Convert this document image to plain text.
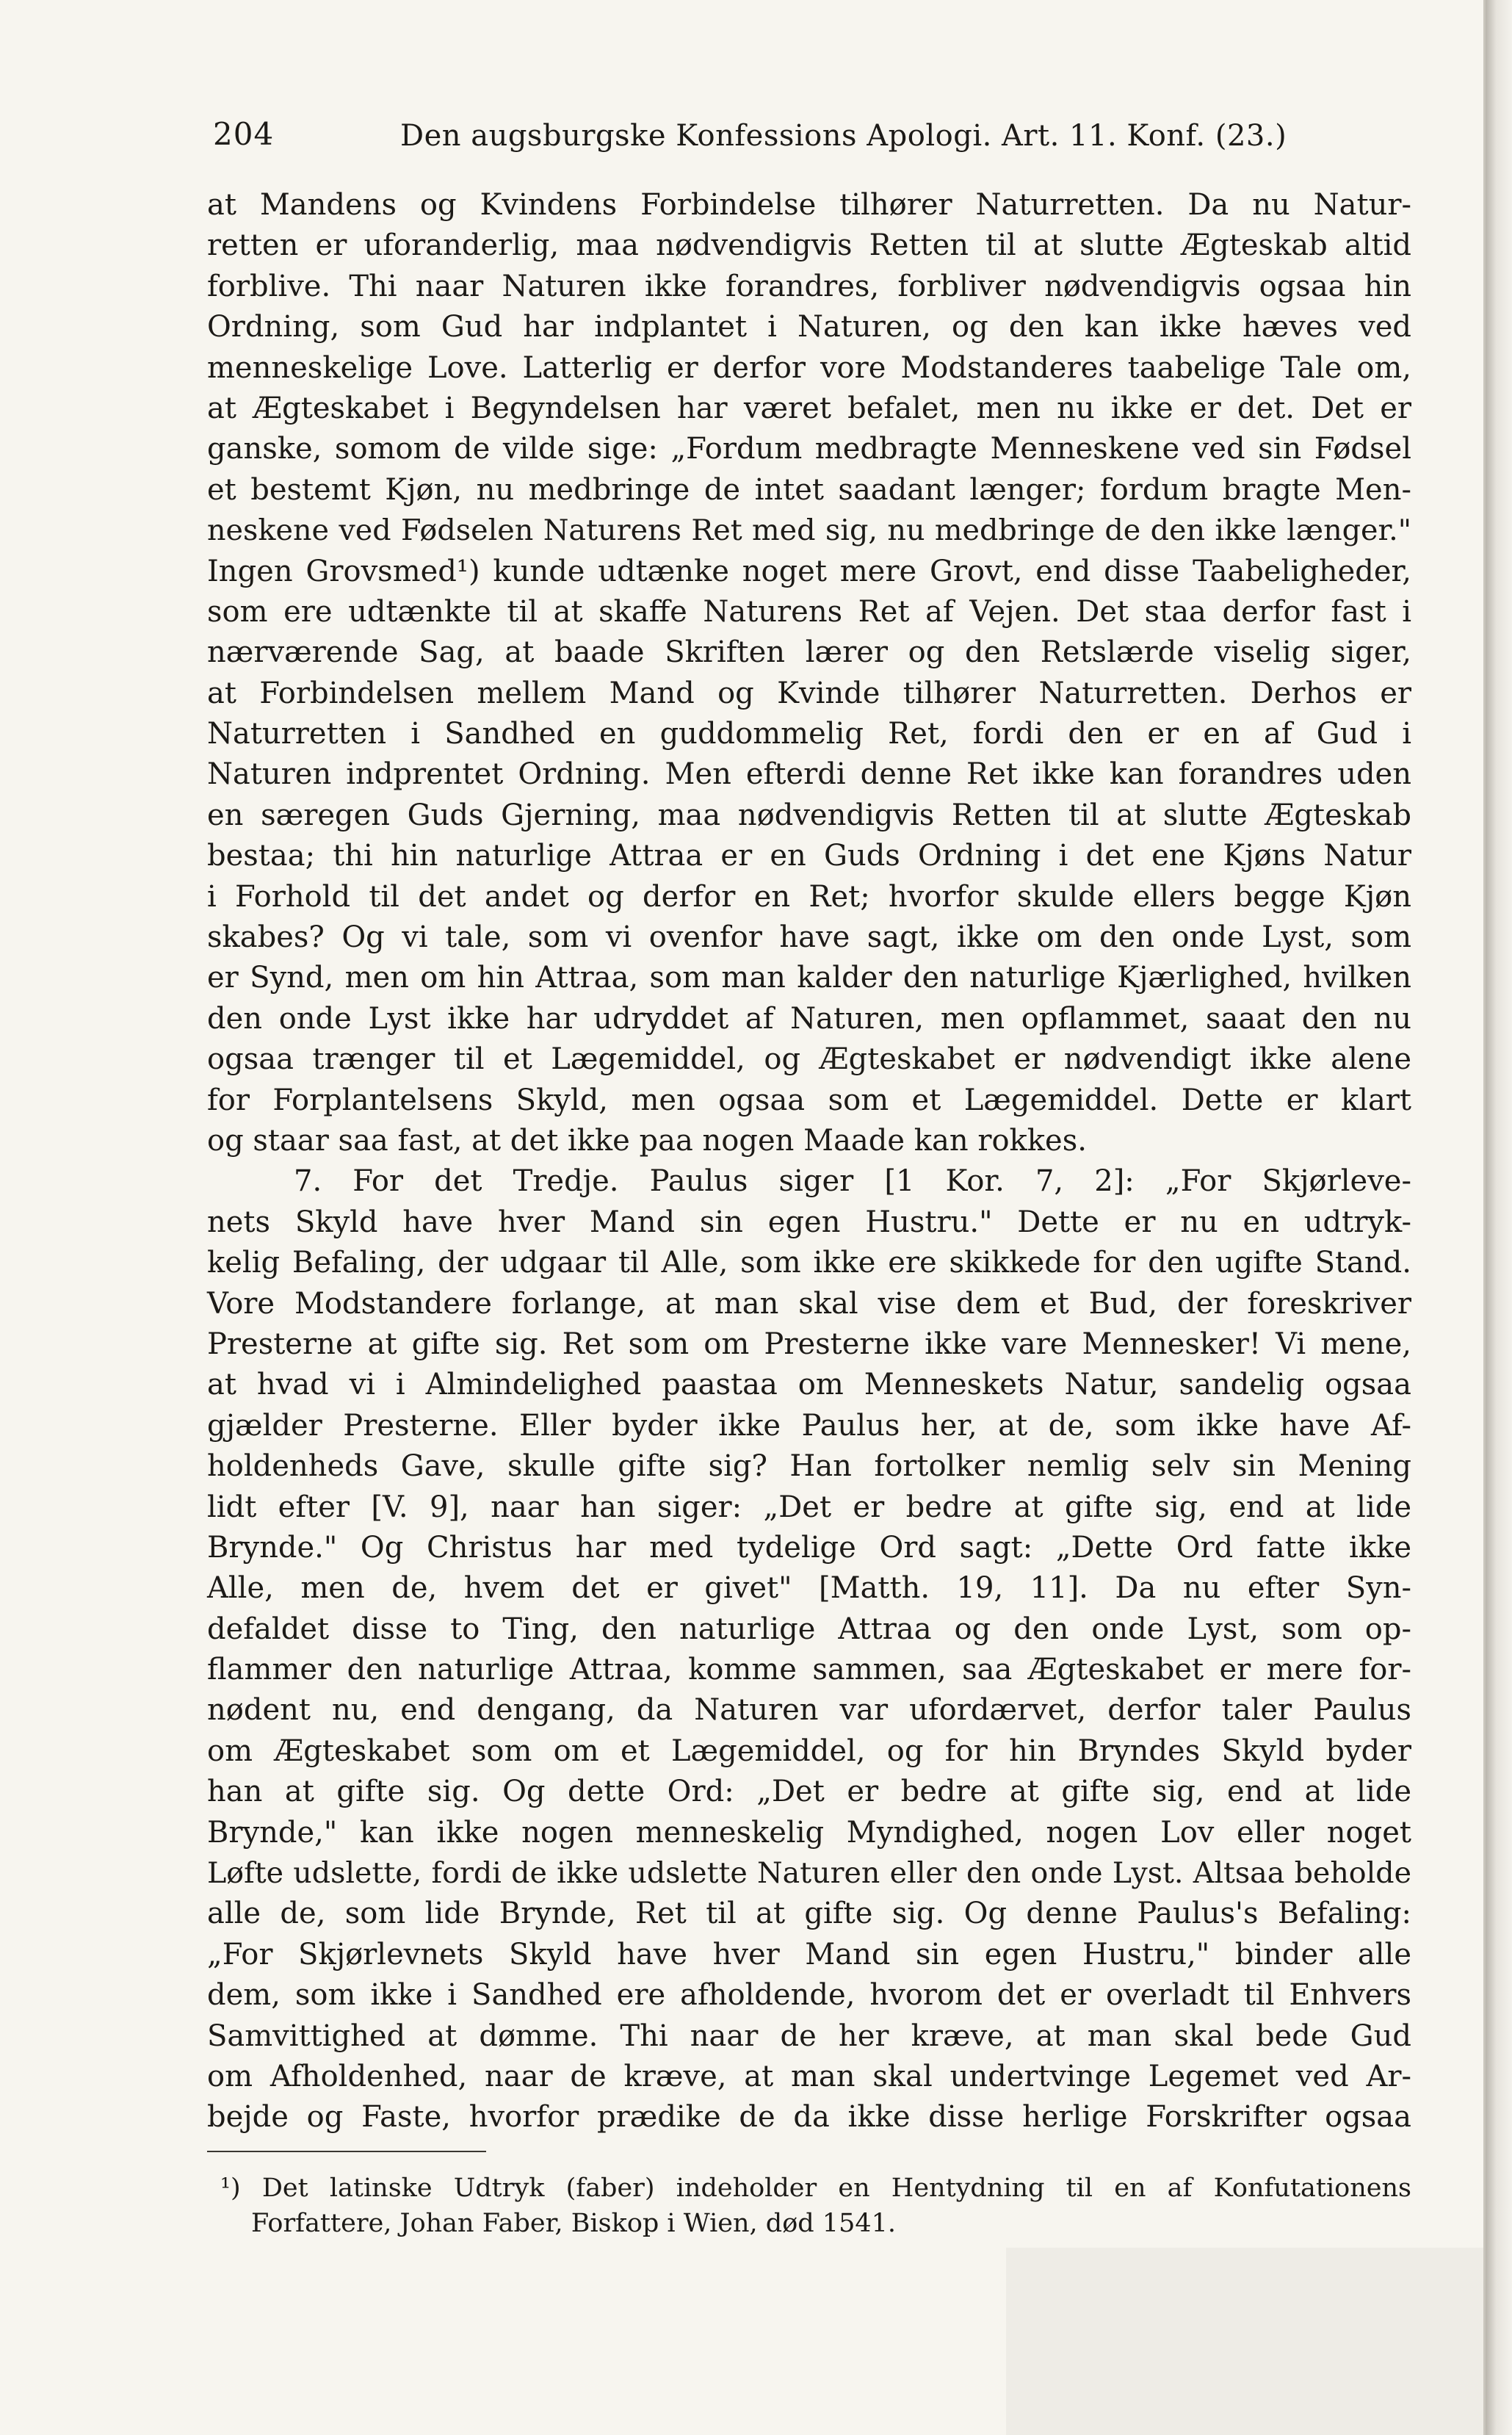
204	Den augsburgske Konfessions Apologi. Art. 11. Konf. (23.)
at Mandens og Kvindens Forbindelse tilhører Naturretten. Da nu Natur-
retten er uforanderlig, maa nødvendigvis Retten til at slutte Ægteskab altid
forblive. Thi naar Naturen ikke forandres, forbliver nødvendigvis ogsaa hin
Ordning, som Gud har indplantet i Naturen, og den kan ikke hæves ved
menneskelige Love. Latterlig er derfor vore Modstanderes taabelige Tale om,
at Ægteskabet i Begyndelsen har været befalet, men nu ikke er det. Det er
ganske, somom de vilde sige: „Fordum medbragte Menneskene ved sin Fødsel
et bestemt Kjøn, nu medbringe de intet saadant længer; fordum bragte Men-
neskene ved Fødselen Naturens Ret med sig, nu medbringe de den ikke længer."
Ingen Grovsmed¹) kunde udtænke noget mere Grovt, end disse Taabeligheder,
som ere udtænkte til at skaffe Naturens Ret af Vejen. Det staa derfor fast i
nærværende Sag, at baade Skriften lærer og den Retslærde viselig siger,
at Forbindelsen mellem Mand og Kvinde tilhører Naturretten. Derhos er
Naturretten i Sandhed en guddommelig Ret, fordi den er en af Gud i
Naturen indprentet Ordning. Men efterdi denne Ret ikke kan forandres uden
en særegen Guds Gjerning, maa nødvendigvis Retten til at slutte Ægteskab
bestaa; thi hin naturlige Attraa er en Guds Ordning i det ene Kjøns Natur
i Forhold til det andet og derfor en Ret; hvorfor skulde ellers begge Kjøn
skabes? Og vi tale, som vi ovenfor have sagt, ikke om den onde Lyst, som
er Synd, men om hin Attraa, som man kalder den naturlige Kjærlighed, hvilken
den onde Lyst ikke har udryddet af Naturen, men opflammet, saaat den nu
ogsaa trænger til et Lægemiddel, og Ægteskabet er nødvendigt ikke alene
for Forplantelsens Skyld, men ogsaa som et Lægemiddel. Dette er klart
og staar saa fast, at det ikke paa nogen Maade kan rokkes.
7. For det Tredje. Paulus siger [1 Kor. 7, 2]: „For Skjørleve-
nets Skyld have hver Mand sin egen Hustru." Dette er nu en udtryk-
kelig Befaling, der udgaar til Alle, som ikke ere skikkede for den ugifte Stand.
Vore Modstandere forlange, at man skal vise dem et Bud, der foreskriver
Presterne at gifte sig. Ret som om Presterne ikke vare Mennesker! Vi mene,
at hvad vi i Almindelighed paastaa om Menneskets Natur, sandelig ogsaa
gjælder Presterne. Eller byder ikke Paulus her, at de, som ikke have Af-
holdenheds Gave, skulle gifte sig? Han fortolker nemlig selv sin Mening
lidt efter [V. 9], naar han siger: „Det er bedre at gifte sig, end at lide
Brynde." Og Christus har med tydelige Ord sagt: „Dette Ord fatte ikke
Alle, men de, hvem det er givet" [Matth. 19, 11]. Da nu efter Syn-
defaldet disse to Ting, den naturlige Attraa og den onde Lyst, som op-
flammer den naturlige Attraa, komme sammen, saa Ægteskabet er mere for-
nødent nu, end dengang, da Naturen var ufordærvet, derfor taler Paulus
om Ægteskabet som om et Lægemiddel, og for hin Bryndes Skyld byder
han at gifte sig. Og dette Ord: „Det er bedre at gifte sig, end at lide
Brynde," kan ikke nogen menneskelig Myndighed, nogen Lov eller noget
Løfte udslette, fordi de ikke udslette Naturen eller den onde Lyst. Altsaa beholde
alle de, som lide Brynde, Ret til at gifte sig. Og denne Paulus's Befaling:
„For Skjørlevnets Skyld have hver Mand sin egen Hustru," binder alle
dem, som ikke i Sandhed ere afholdende, hvorom det er overladt til Enhvers
Samvittighed at dømme. Thi naar de her kræve, at man skal bede Gud
om Afholdenhed, naar de kræve, at man skal undertvinge Legemet ved Ar-
bejde og Faste, hvorfor prædike de da ikke disse herlige Forskrifter ogsaa
¹) Det latinske Udtryk (faber) indeholder en Hentydning til en af Konfutationens
Forfattere, Johan Faber, Biskop i Wien, død 1541.
